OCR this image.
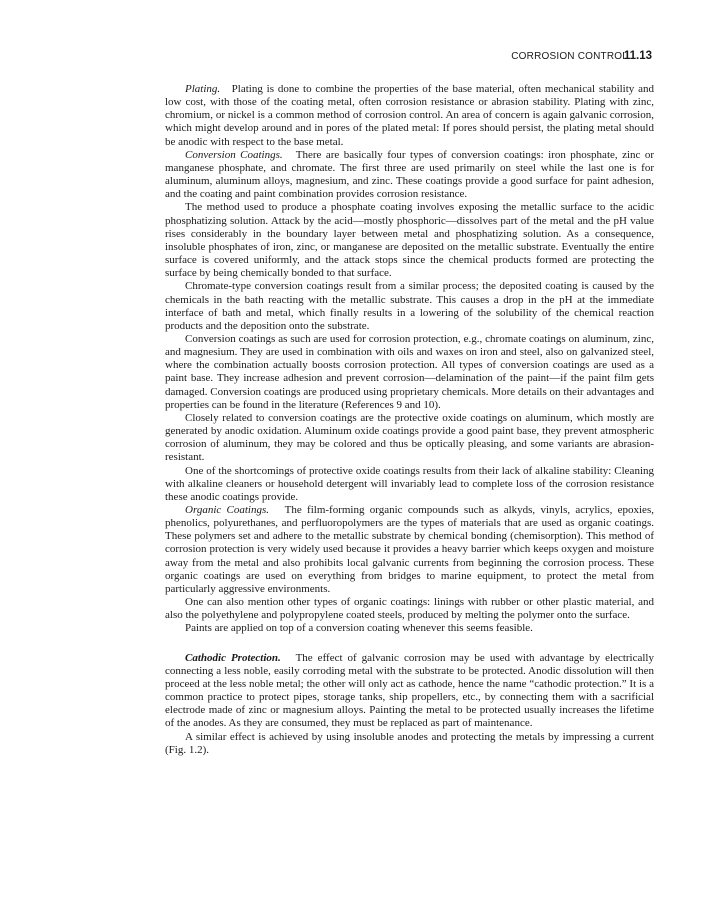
CORROSION CONTROL
11.13

Plating. Plating is done to combine the properties of the base material, often mechanical stability and low cost, with those of the coating metal, often corrosion resistance or abrasion stability. Plating with zinc, chromium, or nickel is a common method of corrosion control. An area of concern is again galvanic corrosion, which might develop around and in pores of the plated metal: If pores should persist, the plating metal should be anodic with respect to the base metal.

Conversion Coatings. There are basically four types of conversion coatings: iron phosphate, zinc or manganese phosphate, and chromate. The first three are used primarily on steel while the last one is for aluminum, aluminum alloys, magnesium, and zinc. These coatings provide a good surface for paint adhesion, and the coating and paint combination provides corrosion resistance.

The method used to produce a phosphate coating involves exposing the metallic surface to the acidic phosphatizing solution. Attack by the acid—mostly phosphoric—dissolves part of the metal and the pH value rises considerably in the boundary layer between metal and phosphatizing solution. As a consequence, insoluble phosphates of iron, zinc, or manganese are deposited on the metallic substrate. Eventually the entire surface is covered uniformly, and the attack stops since the chemical products formed are protecting the surface by being chemically bonded to that surface.

Chromate-type conversion coatings result from a similar process; the deposited coating is caused by the chemicals in the bath reacting with the metallic substrate. This causes a drop in the pH at the immediate interface of bath and metal, which finally results in a lowering of the solubility of the chemical reaction products and the deposition onto the substrate.

Conversion coatings as such are used for corrosion protection, e.g., chromate coatings on aluminum, zinc, and magnesium. They are used in combination with oils and waxes on iron and steel, also on galvanized steel, where the combination actually boosts corrosion protection. All types of conversion coatings are used as a paint base. They increase adhesion and prevent corrosion—delamination of the paint—if the paint film gets damaged. Conversion coatings are produced using proprietary chemicals. More details on their advantages and properties can be found in the literature (References 9 and 10).

Closely related to conversion coatings are the protective oxide coatings on aluminum, which mostly are generated by anodic oxidation. Aluminum oxide coatings provide a good paint base, they prevent atmospheric corrosion of aluminum, they may be colored and thus be optically pleasing, and some variants are abrasion-resistant.

One of the shortcomings of protective oxide coatings results from their lack of alkaline stability: Cleaning with alkaline cleaners or household detergent will invariably lead to complete loss of the corrosion resistance these anodic coatings provide.

Organic Coatings. The film-forming organic compounds such as alkyds, vinyls, acrylics, epoxies, phenolics, polyurethanes, and perfluoropolymers are the types of materials that are used as organic coatings. These polymers set and adhere to the metallic substrate by chemical bonding (chemisorption). This method of corrosion protection is very widely used because it provides a heavy barrier which keeps oxygen and moisture away from the metal and also prohibits local galvanic currents from beginning the corrosion process. These organic coatings are used on everything from bridges to marine equipment, to protect the metal from particularly aggressive environments.

One can also mention other types of organic coatings: linings with rubber or other plastic material, and also the polyethylene and polypropylene coated steels, produced by melting the polymer onto the surface.

Paints are applied on top of a conversion coating whenever this seems feasible.

Cathodic Protection. The effect of galvanic corrosion may be used with advantage by electrically connecting a less noble, easily corroding metal with the substrate to be protected. Anodic dissolution will then proceed at the less noble metal; the other will only act as cathode, hence the name “cathodic protection.” It is a common practice to protect pipes, storage tanks, ship propellers, etc., by connecting them with a sacrificial electrode made of zinc or magnesium alloys. Painting the metal to be protected usually increases the lifetime of the anodes. As they are consumed, they must be replaced as part of maintenance.

A similar effect is achieved by using insoluble anodes and protecting the metals by impressing a current (Fig. 1.2).
